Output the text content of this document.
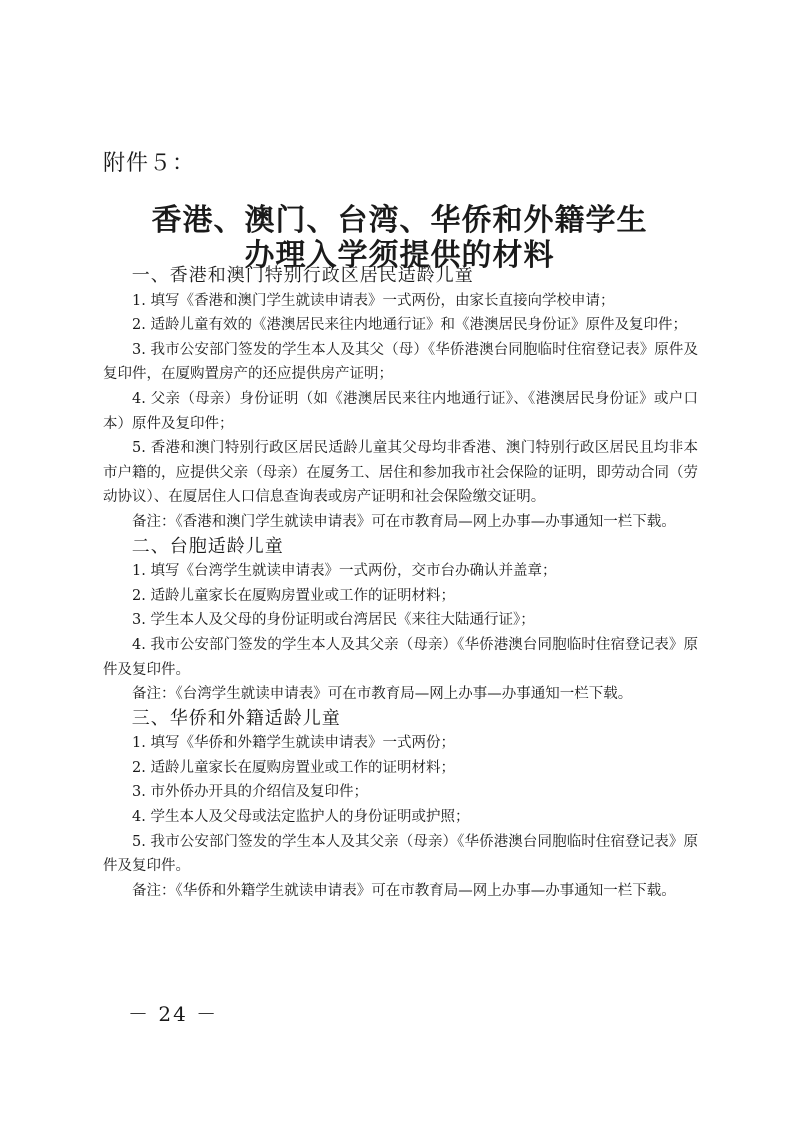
附件５：
香港、澳门、台湾、华侨和外籍学生
办理入学须提供的材料

一、香港和澳门特别行政区居民适龄儿童

1. 填写《香港和澳门学生就读申请表》一式两份，由家长直接向学校申请；

2. 适龄儿童有效的《港澳居民来往内地通行证》和《港澳居民身份证》原件及复印件；

3. 我市公安部门签发的学生本人及其父（母）《华侨港澳台同胞临时住宿登记表》原件及复印件，在厦购置房产的还应提供房产证明；

4. 父亲（母亲）身份证明（如《港澳居民来往内地通行证》、《港澳居民身份证》或户口本）原件及复印件；

5. 香港和澳门特别行政区居民适龄儿童其父母均非香港、澳门特别行政区居民且均非本市户籍的，应提供父亲（母亲）在厦务工、居住和参加我市社会保险的证明，即劳动合同（劳动协议）、在厦居住人口信息查询表或房产证明和社会保险缴交证明。

备注：《香港和澳门学生就读申请表》可在市教育局—网上办事—办事通知一栏下载。

二、台胞适龄儿童

1. 填写《台湾学生就读申请表》一式两份，交市台办确认并盖章；

2. 适龄儿童家长在厦购房置业或工作的证明材料；

3. 学生本人及父母的身份证明或台湾居民《来往大陆通行证》；

4. 我市公安部门签发的学生本人及其父亲（母亲）《华侨港澳台同胞临时住宿登记表》原件及复印件。

备注：《台湾学生就读申请表》可在市教育局—网上办事—办事通知一栏下载。

三、华侨和外籍适龄儿童

1. 填写《华侨和外籍学生就读申请表》一式两份；

2. 适龄儿童家长在厦购房置业或工作的证明材料；

3. 市外侨办开具的介绍信及复印件；

4. 学生本人及父母或法定监护人的身份证明或护照；

5. 我市公安部门签发的学生本人及其父亲（母亲）《华侨港澳台同胞临时住宿登记表》原件及复印件。

备注：《华侨和外籍学生就读申请表》可在市教育局—网上办事—办事通知一栏下载。

－ 24 －
